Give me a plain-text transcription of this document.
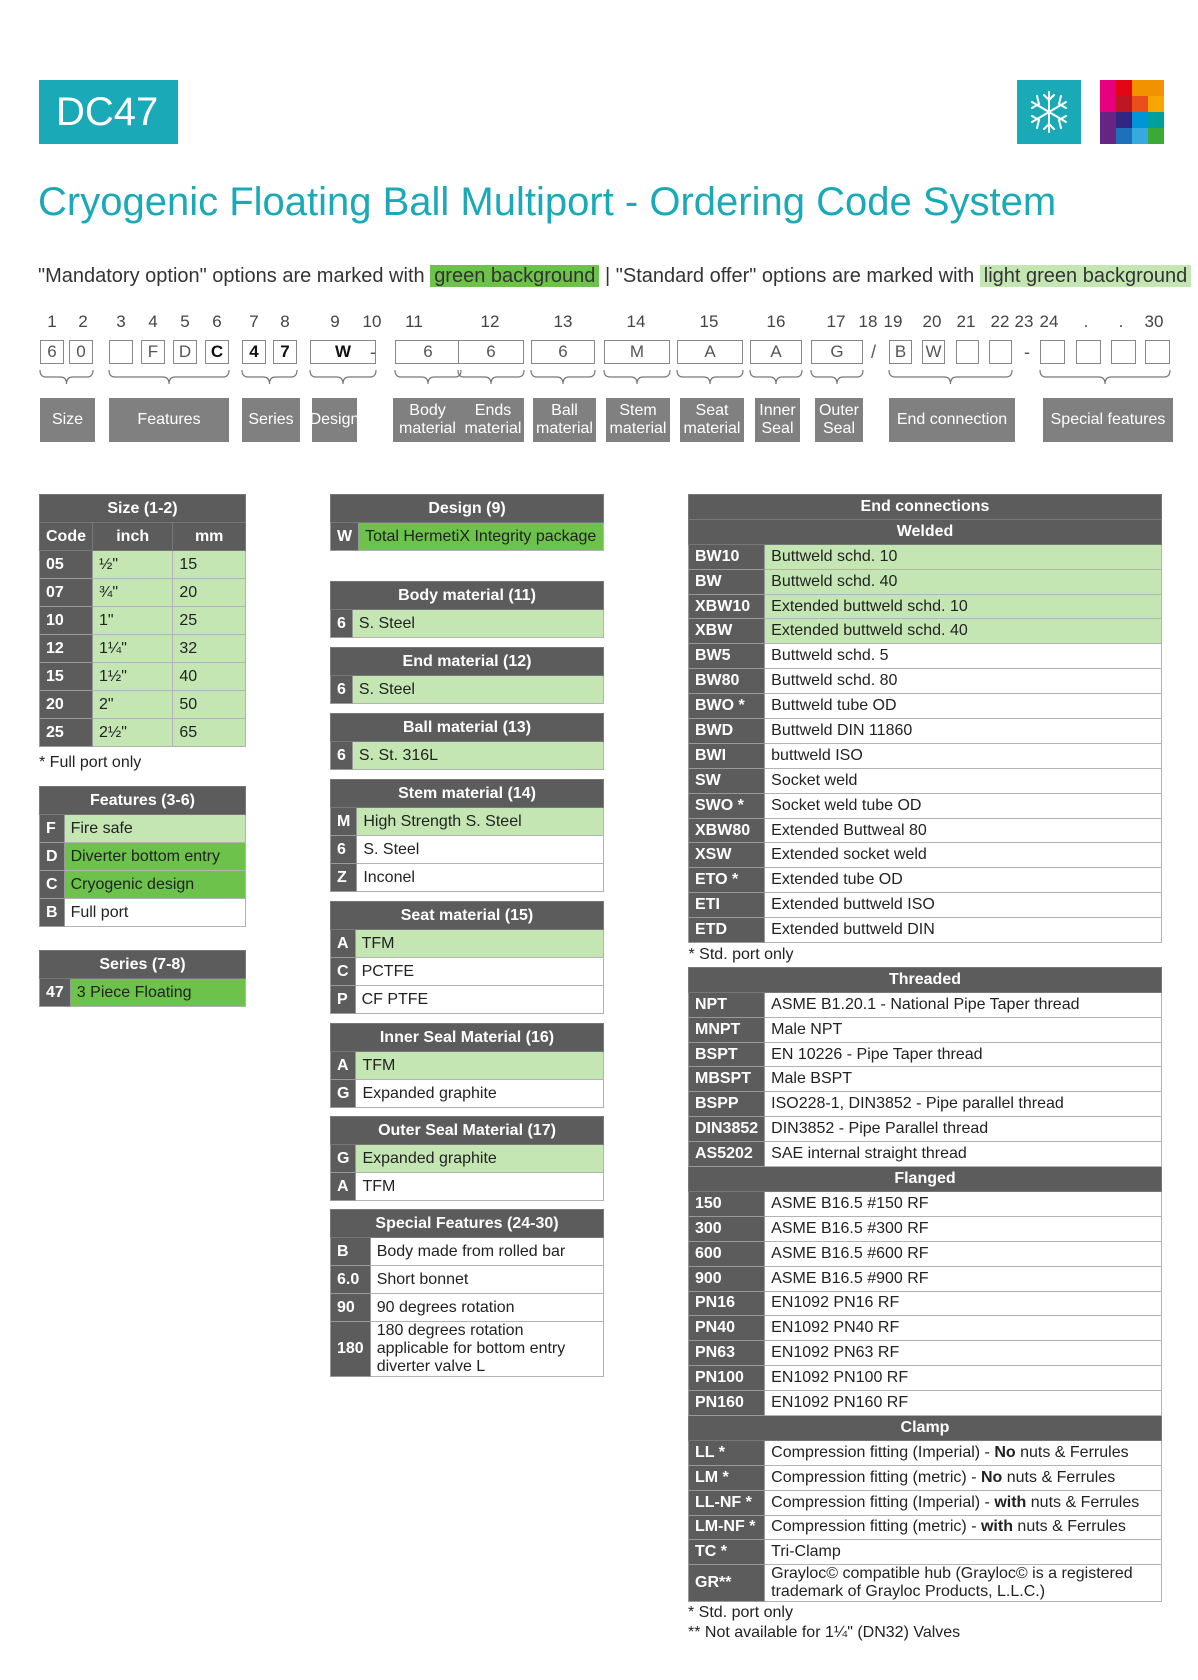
DC47
Cryogenic Floating Ball Multiport - Ordering Code System
"Mandatory option" options are marked with green background | "Standard offer" options are marked with light green background
1	2	3	4	5	6	7	8	9	10 11	12	13	14	15	16 17 18 19 20 21 22 23 24	.	.	30
6	0	F	D	C	4	7	W	6	6	6	M	A	A	G	B	W
-	/	-
Size	Features	Series Design
Body material
Ends material
Ball material
Stem material
Seat material
Inner Seal
Outer Seal
End connection	Special features
Size (1-2)		
Code	inch	mm
05	½"	15
07	¾"	20
10	1"	25
12	1¼"	32
15	1½"	40
20	2"	50
25	2½"	65
* Full port only
Features (3-6)	
F	Fire safe
D	Diverter bottom entry
C	Cryogenic design
B	Full port
Series (7-8)
47	3 Piece Floating
Design (9)
W	Total HermetiX Integrity package
Body material (11)
6	S. Steel
End material (12)
6	S. Steel
Ball material (13)
6	S. St. 316L
Stem material (14)	
M	High Strength S. Steel
6	S. Steel
Z	Inconel
Seat material (15)	
A	TFM
C	PCTFE
P	CF PTFE
Inner Seal Material (16)	
A	TFM
G	Expanded graphite
Outer Seal Material (17)	
G	Expanded graphite
A	TFM
Special Features (24-30)	
B	Body made from rolled bar
6.0	Short bonnet
90	90 degrees rotation
180	180 degrees rotation applicable for bottom entry diverter valve L
End connections	
Welded	
BW10	Buttweld schd. 10
BW	Buttweld schd. 40
XBW10	Extended buttweld schd. 10
XBW	Extended buttweld schd. 40
BW5	Buttweld schd. 5
BW80	Buttweld schd. 80
BWO *	Buttweld tube OD
BWD	Buttweld DIN 11860
BWI	buttweld ISO
SW	Socket weld
SWO *	Socket weld tube OD
XBW80	Extended Buttweal 80
XSW	Extended socket weld
ETO *	Extended tube OD
ETI	Extended buttweld ISO
ETD	Extended buttweld DIN
* Std. port only	
Threaded	
NPT	ASME B1.20.1 - National Pipe Taper thread
MNPT	Male NPT
BSPT	EN 10226 - Pipe Taper thread
MBSPT	Male BSPT
BSPP	ISO228-1, DIN3852 - Pipe parallel thread
DIN3852	DIN3852 - Pipe Parallel thread
AS5202	SAE internal straight thread
Flanged	
150	ASME B16.5 #150 RF
300	ASME B16.5 #300 RF
600	ASME B16.5 #600 RF
900	ASME B16.5 #900 RF
PN16	EN1092 PN16 RF
PN40	EN1092 PN40 RF
PN63	EN1092 PN63 RF
PN100	EN1092 PN100 RF
PN160	EN1092 PN160 RF
Clamp	
LL *	Compression fitting (Imperial) - No nuts & Ferrules
LM *	Compression fitting (metric) - No nuts & Ferrules
LL-NF *	Compression fitting (Imperial) - with nuts & Ferrules
LM-NF *	Compression fitting (metric) - with nuts & Ferrules
TC *	Tri-Clamp
GR**	Grayloc© compatible hub (Grayloc© is a registered trademark of Grayloc Products, L.L.C.)
* Std. port only
** Not available for 1¼" (DN32) Valves
